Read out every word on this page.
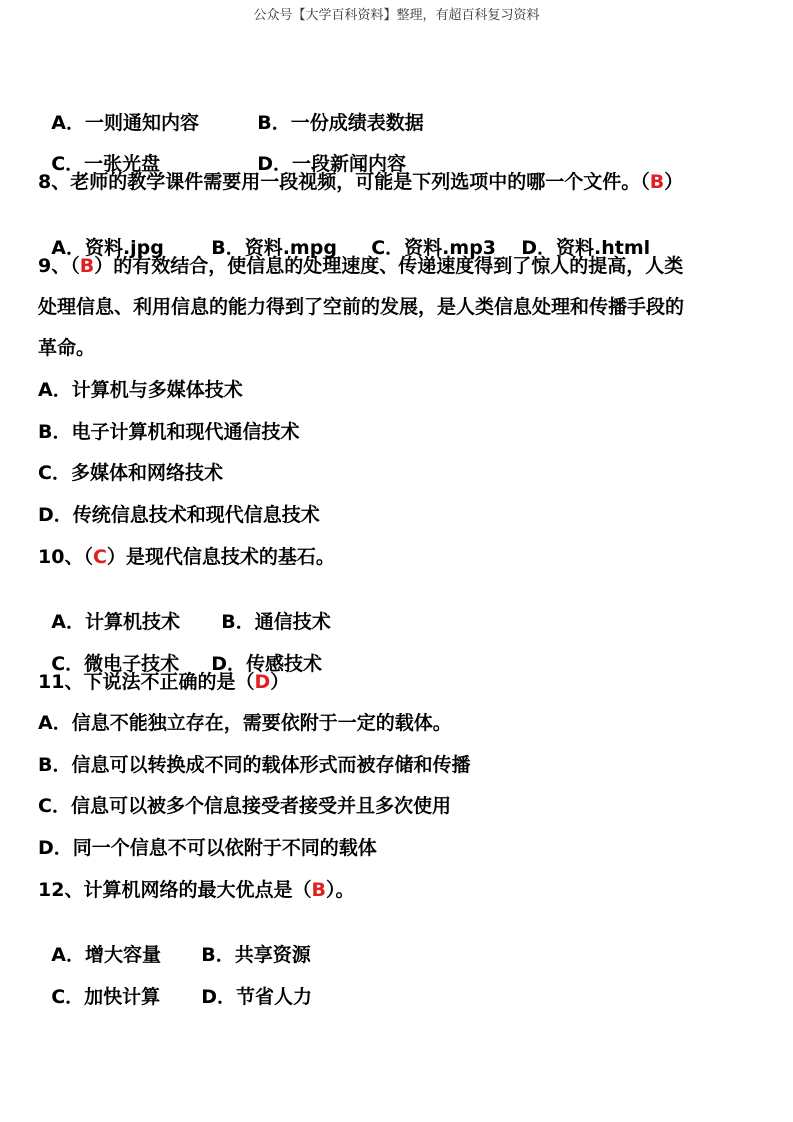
公众号【大学百科资料】整理，有超百科复习资料

A．一则通知内容	B．一份成绩表数据

C．一张光盘	D．一段新闻内容

8、老师的教学课件需要用一段视频，可能是下列选项中的哪一个文件。（B）

A．资料.jpg B．资料.mpg C．资料.mp3 D．资料.html

9、（B）的有效结合，使信息的处理速度、传递速度得到了惊人的提高，人类
处理信息、利用信息的能力得到了空前的发展，是人类信息处理和传播手段的
革命。
A．计算机与多媒体技术
B．电子计算机和现代通信技术
C．多媒体和网络技术
D．传统信息技术和现代信息技术
10、（C）是现代信息技术的基石。

A．计算机技术 B．通信技术

C．微电子技术 D．传感技术

11、下说法不正确的是（D）
A．信息不能独立存在，需要依附于一定的载体。
B．信息可以转换成不同的载体形式而被存储和传播
C．信息可以被多个信息接受者接受并且多次使用
D．同一个信息不可以依附于不同的载体
12、计算机网络的最大优点是（B）。

A．增大容量 B．共享资源

C．加快计算 D．节省人力
